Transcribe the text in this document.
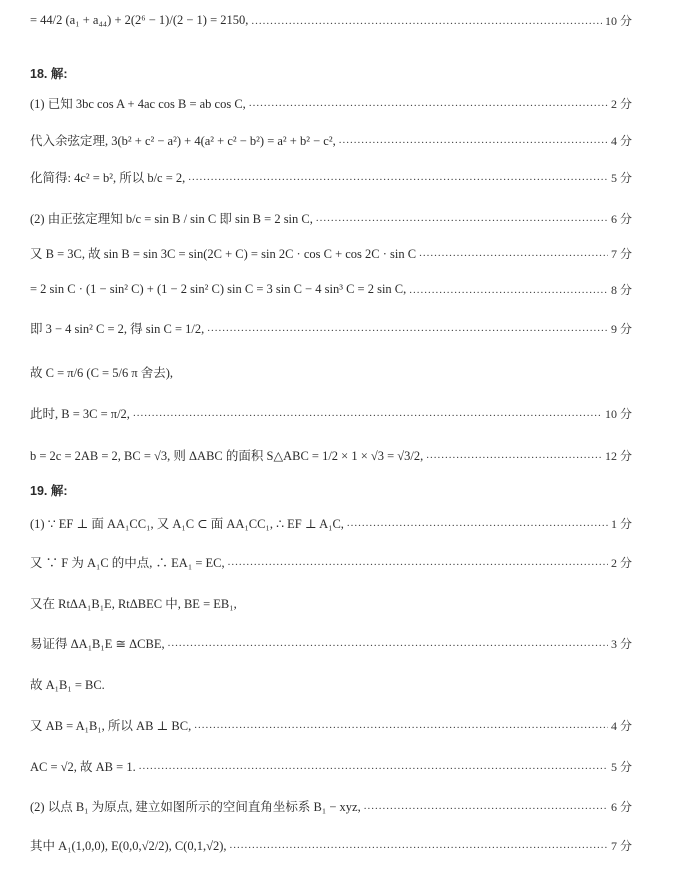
= 44/2 (a₁ + a₄₄) + 2(2⁶ − 1)/(2 − 1) = 2150, .....	10 分
18. 解:
(1) 已知 3bc cos A + 4ac cos B = ab cos C, .....	2 分
代入余弦定理, 3(b² + c² − a²) + 4(a² + c² − b²) = a² + b² − c², .....	4 分
化简得: 4c² = b², 所以 b/c = 2, .....	5 分
(2) 由正弦定理知 b/c = sin B / sin C 即 sin B = 2 sin C, .....	6 分
又 B = 3C, 故 sin B = sin 3C = sin(2C + C) = sin 2C · cos C + cos 2C · sin C .....	7 分
= 2 sin C · (1 − sin² C) + (1 − 2 sin² C) sin C = 3 sin C − 4 sin³ C = 2 sin C, .....	8 分
即 3 − 4 sin² C = 2, 得 sin C = 1/2, .....	9 分
故 C = π/6 (C = 5/6 π 舍去),
此时, B = 3C = π/2, .....	10 分
b = 2c = 2AB = 2, BC = √3, 则 ΔABC 的面积 S△ABC = 1/2 × 1 × √3 = √3/2, .....	12 分
19. 解:
(1) ∵ EF ⊥ 面 AA₁CC₁, 又 A₁C ⊂ 面 AA₁CC₁, ∴ EF ⊥ A₁C, .....	1 分
又 ∵ F 为 A₁C 的中点, ∴ EA₁ = EC, .....	2 分
又在 RtΔA₁B₁E, RtΔBEC 中, BE = EB₁,
易证得 ΔA₁B₁E ≅ ΔCBE, .....	3 分
故 A₁B₁ = BC.
又 AB = A₁B₁, 所以 AB ⊥ BC, .....	4 分
AC = √2, 故 AB = 1. .....	5 分
(2) 以点 B₁ 为原点, 建立如图所示的空间直角坐标系 B₁ − xyz, .....	6 分
其中 A₁(1,0,0), E(0,0,√2/2), C(0,1,√2), .....	7 分
